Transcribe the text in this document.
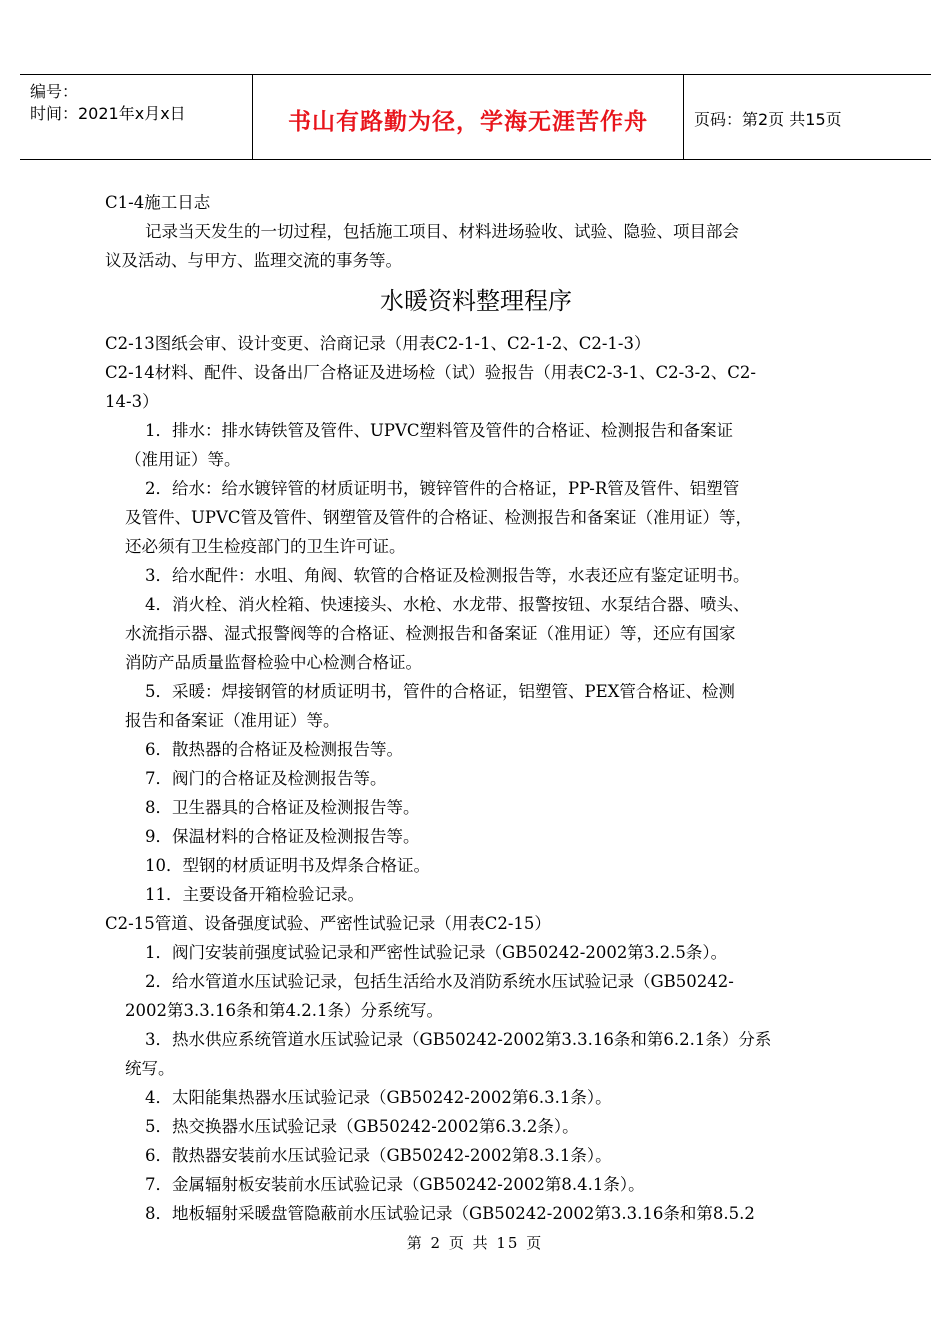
编号：
时间：2021年x月x日	书山有路勤为径，学海无涯苦作舟	页码：第2页 共15页
C1-4施工日志
记录当天发生的一切过程，包括施工项目、材料进场验收、试验、隐验、项目部会
议及活动、与甲方、监理交流的事务等。
水暖资料整理程序
C2-13图纸会审、设计变更、洽商记录（用表C2-1-1、C2-1-2、C2-1-3）
C2-14材料、配件、设备出厂合格证及进场检（试）验报告（用表C2-3-1、C2-3-2、C2-
14-3）
1．排水：排水铸铁管及管件、UPVC塑料管及管件的合格证、检测报告和备案证
（准用证）等。
2．给水：给水镀锌管的材质证明书，镀锌管件的合格证，PP-R管及管件、铝塑管
及管件、UPVC管及管件、钢塑管及管件的合格证、检测报告和备案证（准用证）等，
还必须有卫生检疫部门的卫生许可证。
3．给水配件：水咀、角阀、软管的合格证及检测报告等，水表还应有鉴定证明书。
4．消火栓、消火栓箱、快速接头、水枪、水龙带、报警按钮、水泵结合器、喷头、
水流指示器、湿式报警阀等的合格证、检测报告和备案证（准用证）等，还应有国家
消防产品质量监督检验中心检测合格证。
5．采暖：焊接钢管的材质证明书，管件的合格证，铝塑管、PEX管合格证、检测
报告和备案证（准用证）等。
6．散热器的合格证及检测报告等。
7．阀门的合格证及检测报告等。
8．卫生器具的合格证及检测报告等。
9．保温材料的合格证及检测报告等。
10．型钢的材质证明书及焊条合格证。
11．主要设备开箱检验记录。
C2-15管道、设备强度试验、严密性试验记录（用表C2-15）
1．阀门安装前强度试验记录和严密性试验记录（GB50242-2002第3.2.5条）。
2．给水管道水压试验记录，包括生活给水及消防系统水压试验记录（GB50242-
2002第3.3.16条和第4.2.1条）分系统写。
3．热水供应系统管道水压试验记录（GB50242-2002第3.3.16条和第6.2.1条）分系
统写。
4．太阳能集热器水压试验记录（GB50242-2002第6.3.1条）。
5．热交换器水压试验记录（GB50242-2002第6.3.2条）。
6．散热器安装前水压试验记录（GB50242-2002第8.3.1条）。
7．金属辐射板安装前水压试验记录（GB50242-2002第8.4.1条）。
8．地板辐射采暖盘管隐蔽前水压试验记录（GB50242-2002第3.3.16条和第8.5.2
第 2 页 共 15 页
